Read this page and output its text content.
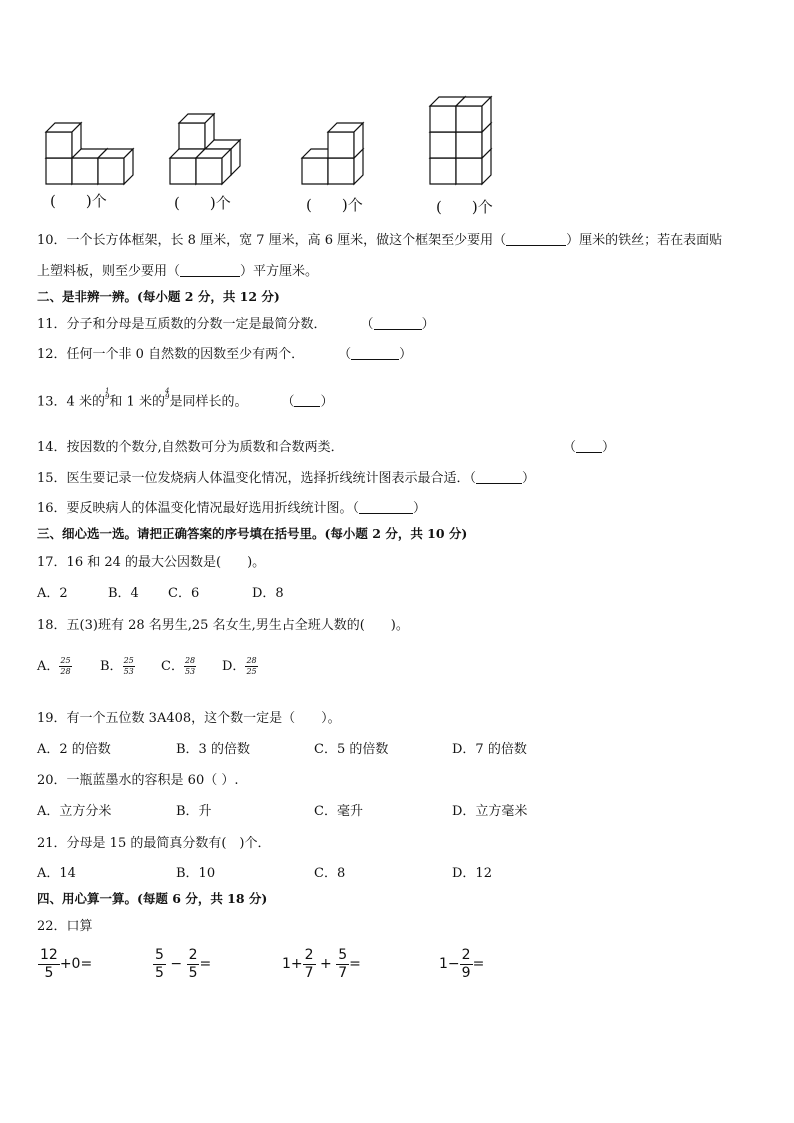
(　　)个	(　　)个	(　　)个	(　　)个
10．一个长方体框架，长 8 厘米，宽 7 厘米，高 6 厘米，做这个框架至少要用（	）厘米的铁丝；若在表面贴
上塑料板，则至少要用（	）平方厘米。
二、是非辨一辨。(每小题 2 分，共 12 分)
11．分子和分母是互质数的分数一定是最简分数．	（	）
12．任何一个非 0 自然数的因数至少有两个．	（	）
13．4 米的
1
9 和 1 米的
4
9 是同样长的。	（ ）
14．按因数的个数分,自然数可分为质数和合数两类．	（ ）
15．医生要记录一位发烧病人体温变化情况，选择折线统计图表示最合适．（	）
16．要反映病人的体温变化情况最好选用折线统计图。（	）
三、细心选一选。请把正确答案的序号填在括号里。(每小题 2 分，共 10 分)
17．16 和 24 的最大公因数是(　　)。
A．2	B．4 C．6	D．8
18．五(3)班有 28 名男生,25 名女生,男生占全班人数的(　　)。
A． $\frac{25}{28}$ B． $\frac{25}{53}$ C． $\frac{28}{53}$ D． $\frac{28}{25}$
19．有一个五位数 3A408，这个数一定是（　　）。
A．2 的倍数	B．3 的倍数	C．5 的倍数	D．7 的倍数
20．一瓶蓝墨水的容积是 60（ ）.
A．立方分米	B．升	C．毫升	D．立方毫米
21．分母是 15 的最简真分数有(　)个．
A．14	B．10	C．8	D．12
四、用心算一算。(每题 6 分，共 18 分)
22．口算
$\frac{12}{5} +0=$	$\frac{5}{5} - \frac{2}{5}$ =	$1+ \frac{2}{7} + \frac{5}{7}$ =	$1- \frac{2}{9}$ =
